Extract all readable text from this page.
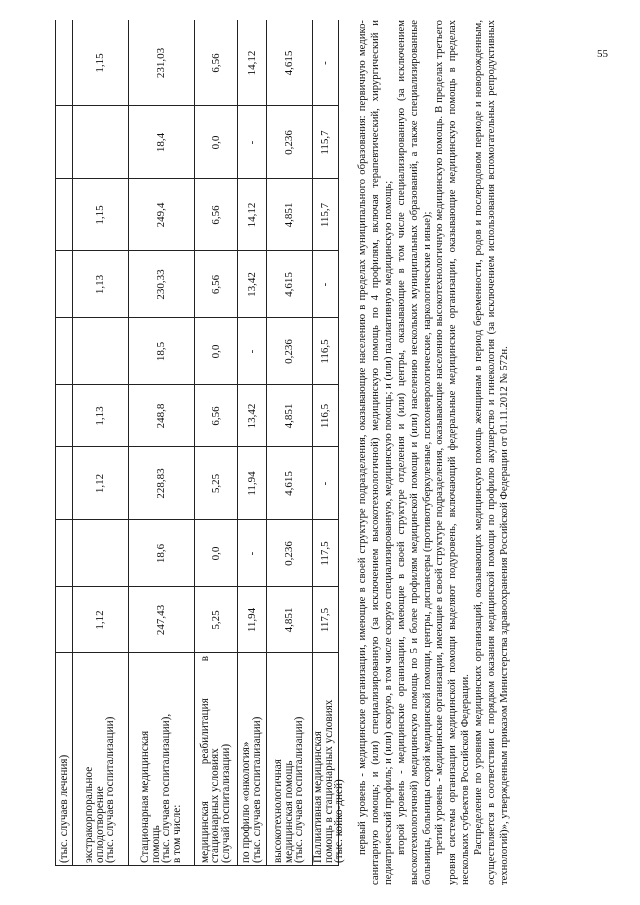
55
(тыс. случаев лечения) экстракорпоральное
оплодотворение
(тыс. случаев госпитализации) Стационарная медицинская
помощь
(тыс. случаев госпитализации),
в том числе: медицинская
реабилитация
в
стационарных условиях
(случай госпитализации) по профилю «онкология»
(тыс. случаев госпитализации) высокотехнологичная
медицинская помощь
(тыс. случаев госпитализации) Паллиативная медицинская
помощь в стационарных условиях
(тыс. койко-дней)
1,12
1,12
1,13
1,13
1,15
1,15
247,43
18,6
228,83
248,8
18,5
230,33
249,4
18,4
231,03
5,25
0,0
5,25
6,56
0,0
6,56
6,56
0,0
6,56
11,94
-
11,94
13,42
-
13,42
14,12
-
14,12
4,851
0,236
4,615
4,851
0,236
4,615
4,851
0,236
4,615
117,5
117,5
-
116,5
116,5
-
115,7
115,7
- первый уровень - медицинские организации, имеющие в своей структуре подразделения, оказывающие населению в пределах муниципального образования: первичную медико-санитарную помощь; и (или) специализированную (за исключением высокотехнологичной) медицинскую помощь по 4 профилям, включая терапевтический, хирургический и педиатрический профиль; и (или) скорую, в том числе скорую специализированную, медицинскую помощь; и (или) паллиативную медицинскую помощь; второй уровень - медицинские организации, имеющие в своей структуре отделения и (или) центры, оказывающие в том числе специализированную (за исключением высокотехнологичной) медицинскую помощь по 5 и более профилям медицинской помощи и (или) населению нескольких муниципальных образований, а также специализированные больницы, больницы скорой медицинской помощи, центры, диспансеры (противотуберкулезные, психоневрологические, наркологические и иные); третий уровень - медицинские организации, имеющие в своей структуре подразделения, оказывающие населению высокотехнологичную медицинскую помощь. В пределах третьего уровня системы организации медицинской помощи выделяют подуровень, включающий федеральные медицинские организации, оказывающие медицинскую помощь в пределах нескольких субъектов Российской Федерации. Распределение по уровням медицинских организаций, оказывающих медицинскую помощь женщинам в период беременности, родов и послеродовом периоде и новорожденным, осуществляется в соответствии с порядком оказания медицинской помощи по профилю акушерство и гинекология (за исключением использования вспомогательных репродуктивных технологий)», утвержденным приказом Министерства здравоохранения Российской Федерации от 01.11.2012 № 572н.
